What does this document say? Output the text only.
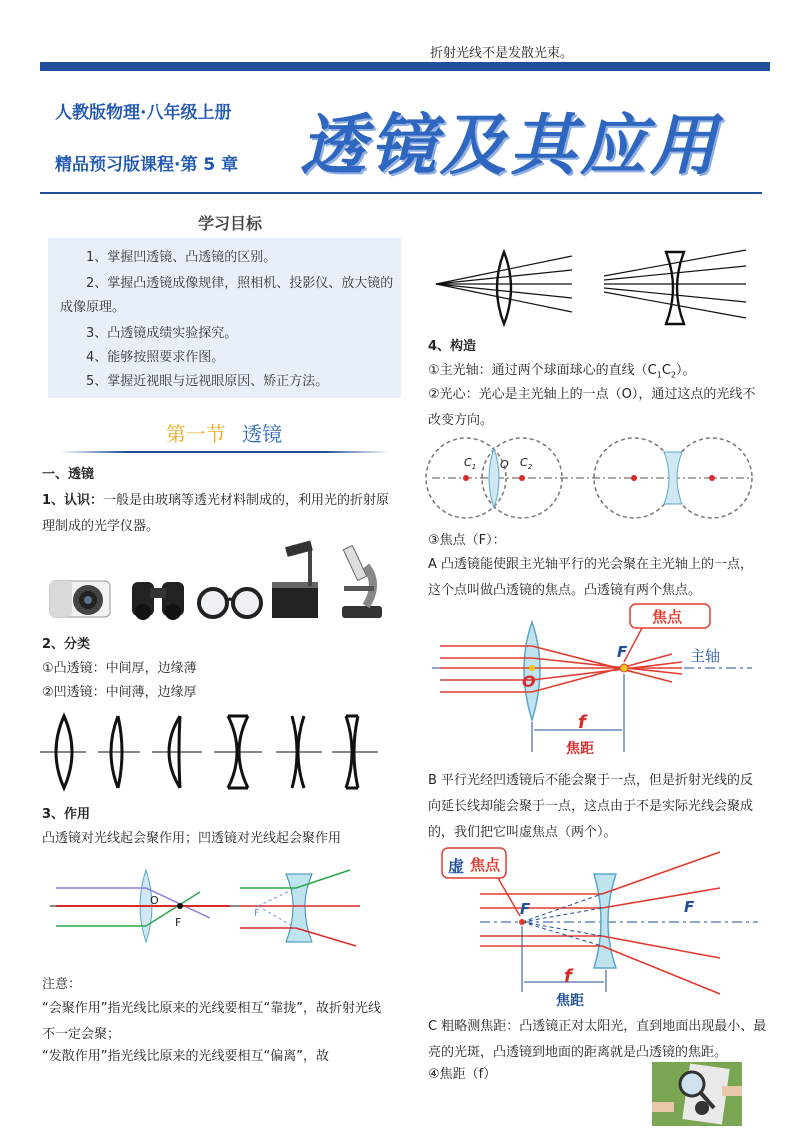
折射光线不是发散光束。
人教版物理·八年级上册
精品预习版课程·第 5 章 透镜及其应用
学习目标
1、掌握凹透镜、凸透镜的区别。
2、掌握凸透镜成像规律，照相机、投影仪、放大镜的成像原理。
3、凸透镜成绩实验探究。
4、能够按照要求作图。
5、掌握近视眼与远视眼原因、矫正方法。
第一节 透镜
一、透镜
1、认识：一般是由玻璃等透光材料制成的，利用光的折射原理制成的光学仪器。
2、分类
①凸透镜：中间厚，边缘薄
②凹透镜：中间薄，边缘厚
3、作用
凸透镜对光线起会聚作用；凹透镜对光线起会聚作用
O
F
F
注意：
“会聚作用”指光线比原来的光线要相互“靠拢”，故折射光线不一定会聚；
“发散作用”指光线比原来的光线要相互“偏离”，故
4、构造
①主光轴：通过两个球面球心的直线$(C_1C_2)$。
②光心：光心是主光轴上的一点（O），通过这点的光线不改变方向。
$C_1$ O $C_2$
③焦点（F）：
A 凸透镜能使跟主光轴平行的光会聚在主光轴上的一点，这个点叫做凸透镜的焦点。凸透镜有两个焦点。
焦点
F	主轴
O
f
焦距
B 平行光经凹透镜后不能会聚于一点，但是折射光线的反向延长线却能会聚于一点，这点由于不是实际光线会聚成的，我们把它叫虚焦点（两个）。
虚 焦点
F	F
f
焦距
C 粗略测焦距：凸透镜正对太阳光，直到地面出现最小、最亮的光斑，凸透镜到地面的距离就是凸透镜的焦距。
④焦距（f）
